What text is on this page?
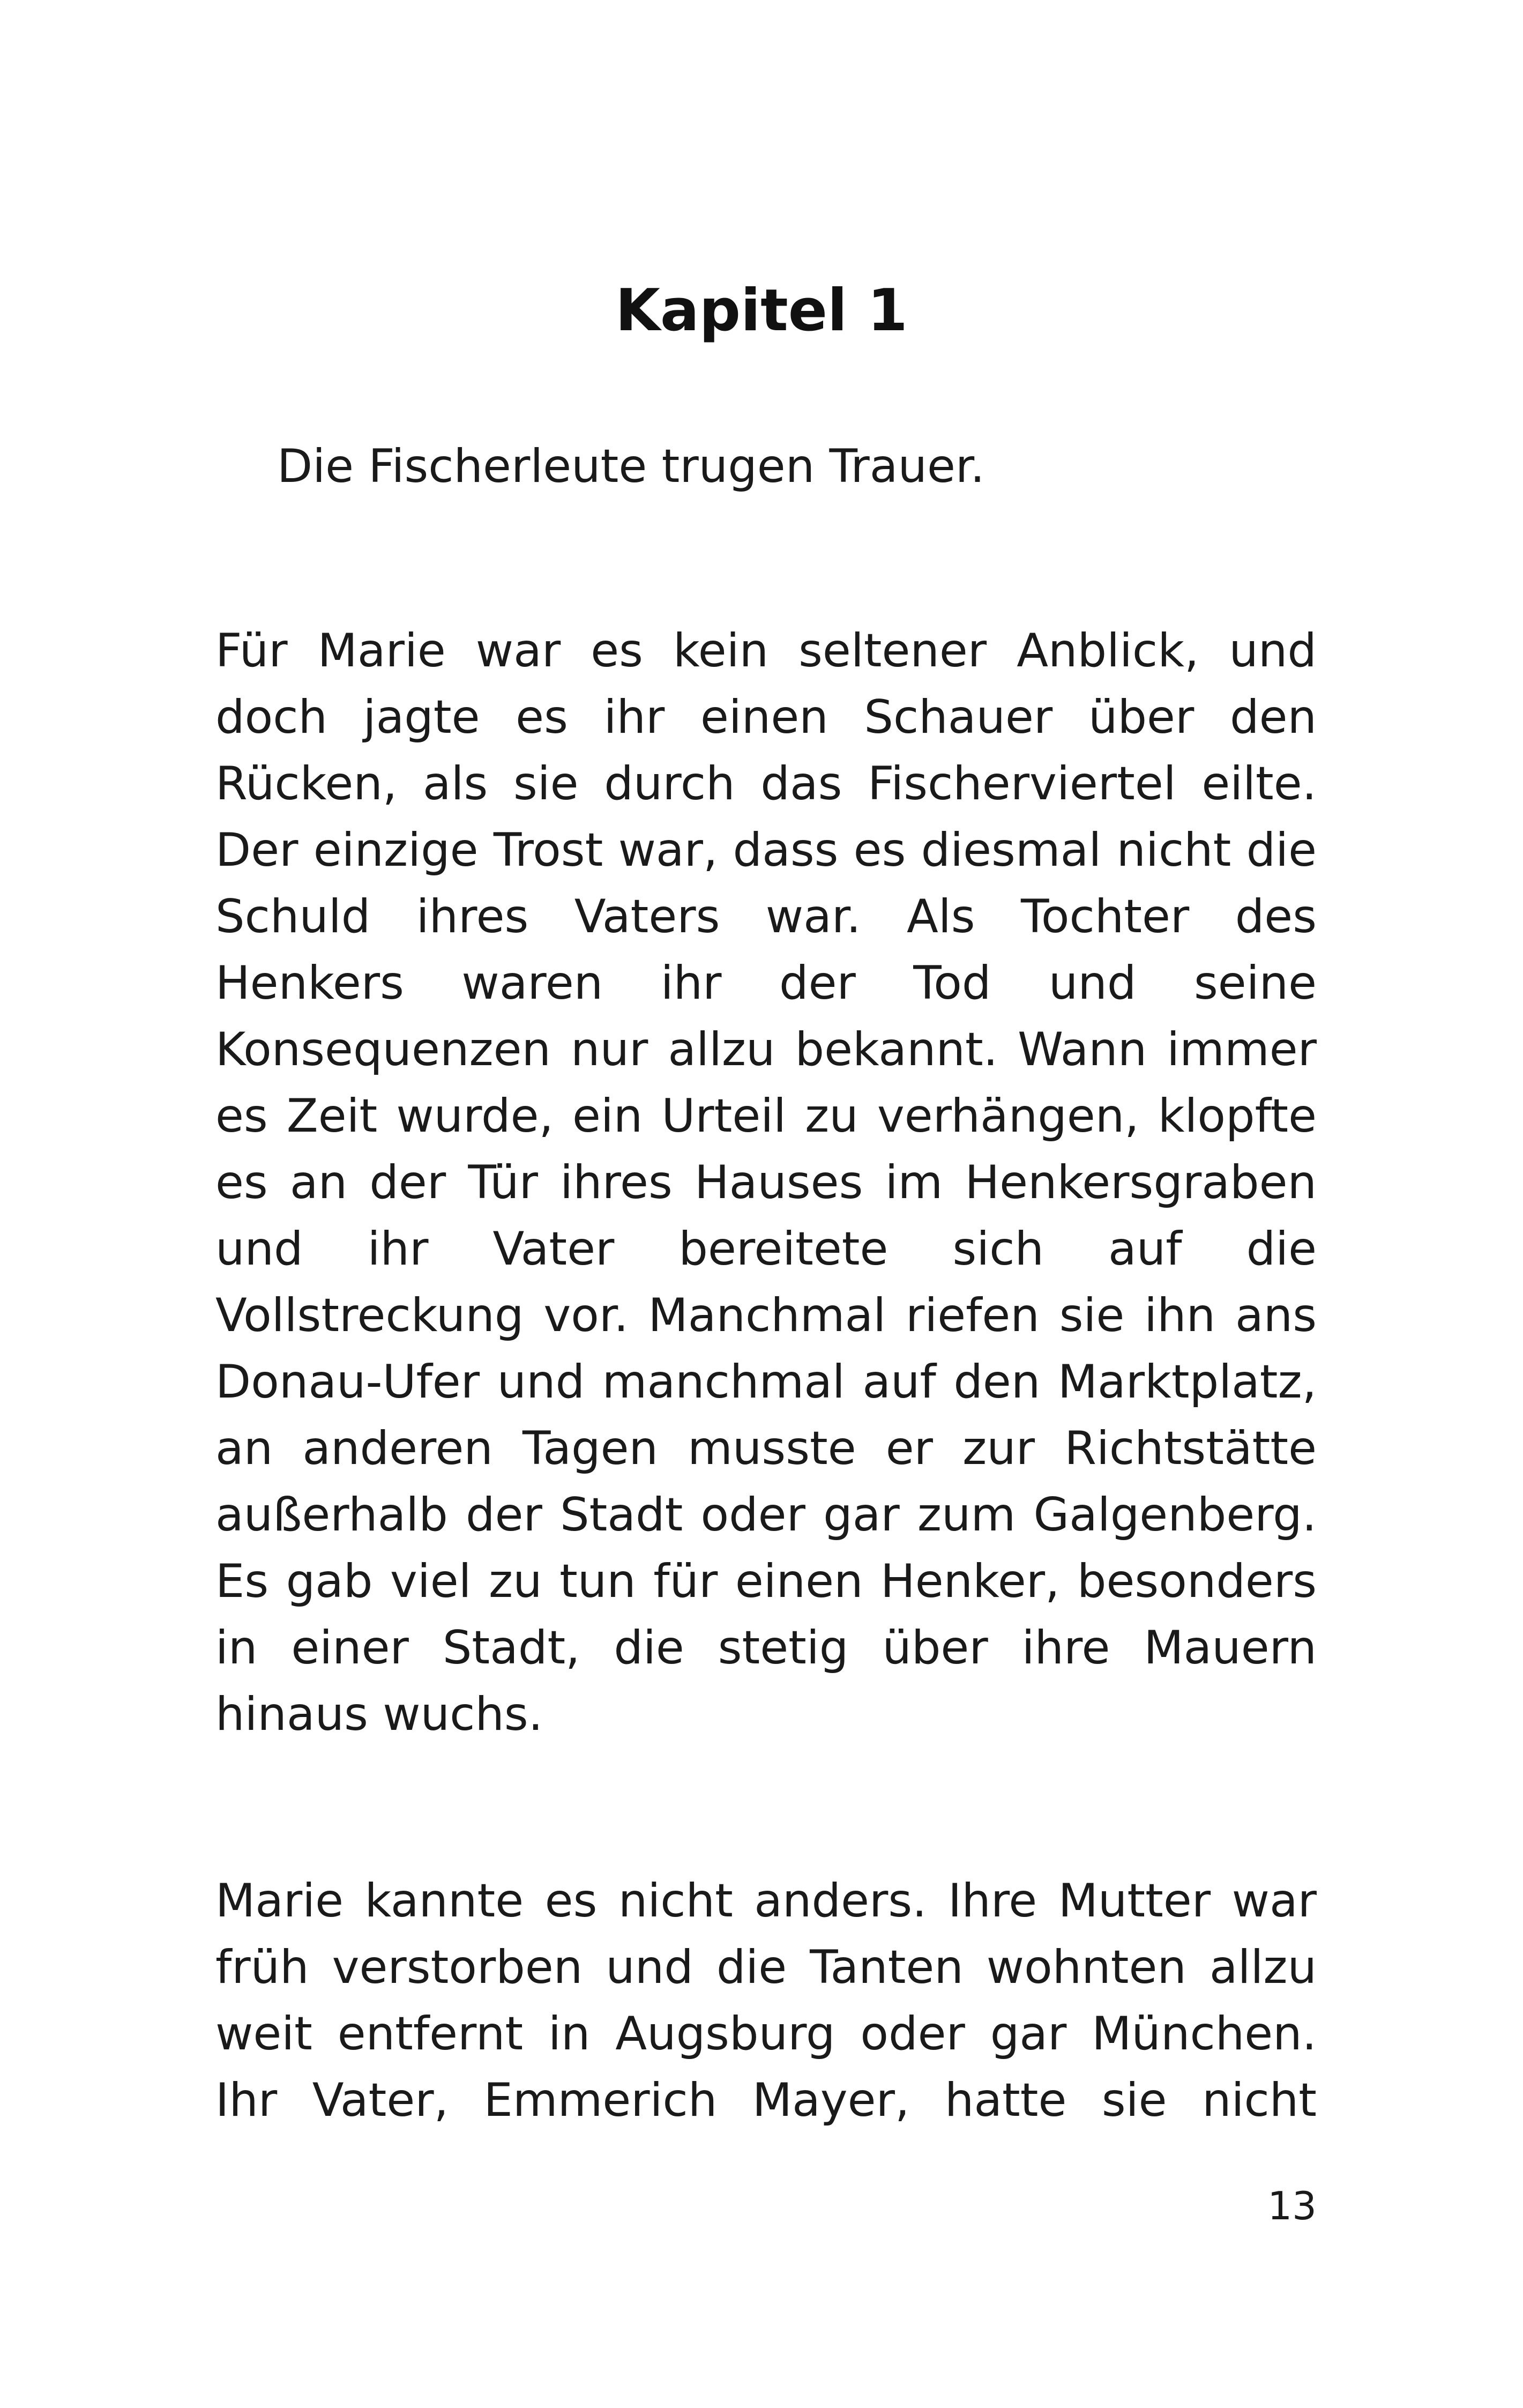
Kapitel 1

Die Fischerleute trugen Trauer.

Für Marie war es kein seltener Anblick, und
doch jagte es ihr einen Schauer über den
Rücken, als sie durch das Fischerviertel eilte.
Der einzige Trost war, dass es diesmal nicht die
Schuld ihres Vaters war. Als Tochter des
Henkers waren ihr der Tod und seine
Konsequenzen nur allzu bekannt. Wann immer
es Zeit wurde, ein Urteil zu verhängen, klopfte
es an der Tür ihres Hauses im Henkersgraben
und ihr Vater bereitete sich auf die
Vollstreckung vor. Manchmal riefen sie ihn ans
Donau-Ufer und manchmal auf den Marktplatz,
an anderen Tagen musste er zur Richtstätte
außerhalb der Stadt oder gar zum Galgenberg.
Es gab viel zu tun für einen Henker, besonders
in einer Stadt, die stetig über ihre Mauern
hinaus wuchs.
Marie kannte es nicht anders. Ihre Mutter war
früh verstorben und die Tanten wohnten allzu
weit entfernt in Augsburg oder gar München.
Ihr Vater, Emmerich Mayer, hatte sie nicht

13
